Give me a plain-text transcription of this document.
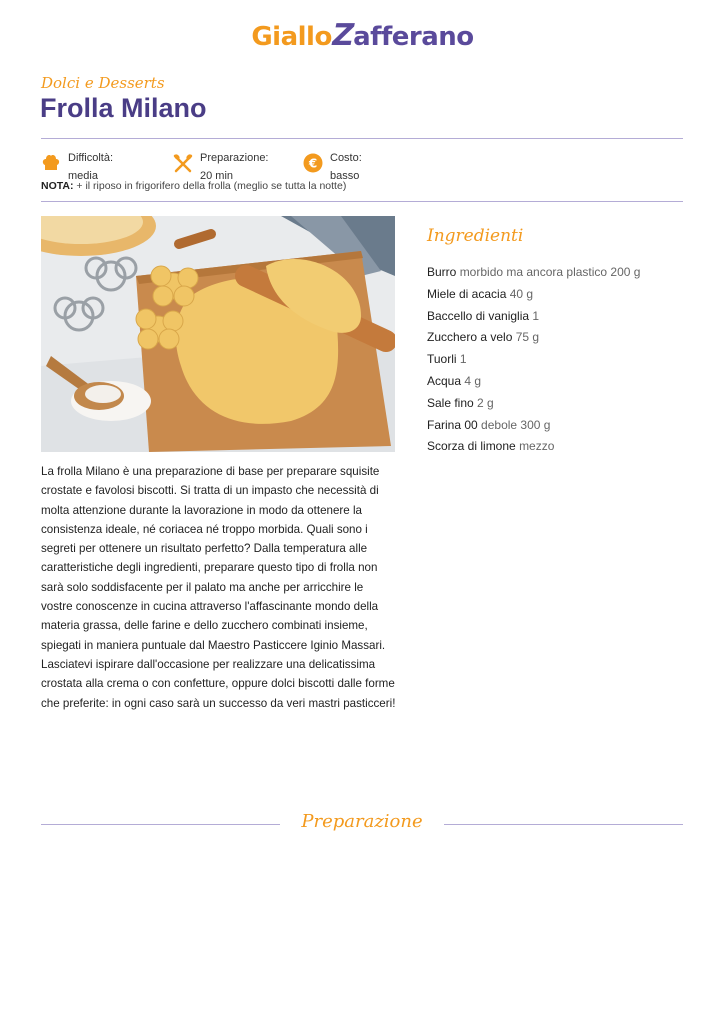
GialloZafferano
Dolci e Desserts
Frolla Milano
Difficoltà:
media
Preparazione:
20 min
€ Costo:
basso
NOTA: + il riposo in frigorifero della frolla (meglio se tutta la notte)
Ingredienti
Burro morbido ma ancora plastico 200 g
Miele di acacia 40 g
Baccello di vaniglia 1
Zucchero a velo 75 g
Tuorli 1
Acqua 4 g
Sale fino 2 g
Farina 00 debole 300 g
Scorza di limone mezzo

La frolla Milano è una preparazione di base per preparare squisite crostate e favolosi biscotti. Si tratta di un impasto che necessità di molta attenzione durante la lavorazione in modo da ottenere la consistenza ideale, né coriacea né troppo morbida. Quali sono i segreti per ottenere un risultato perfetto? Dalla temperatura alle caratteristiche degli ingredienti, preparare questo tipo di frolla non sarà solo soddisfacente per il palato ma anche per arricchire le vostre conoscenze in cucina attraverso l'affascinante mondo della materia grassa, delle farine e dello zucchero combinati insieme, spiegati in maniera puntuale dal Maestro Pasticcere Iginio Massari. Lasciatevi ispirare dall'occasione per realizzare una delicatissima crostata alla crema o con confetture, oppure dolci biscotti dalle forme che preferite: in ogni caso sarà un successo da veri mastri pasticceri!

Preparazione
